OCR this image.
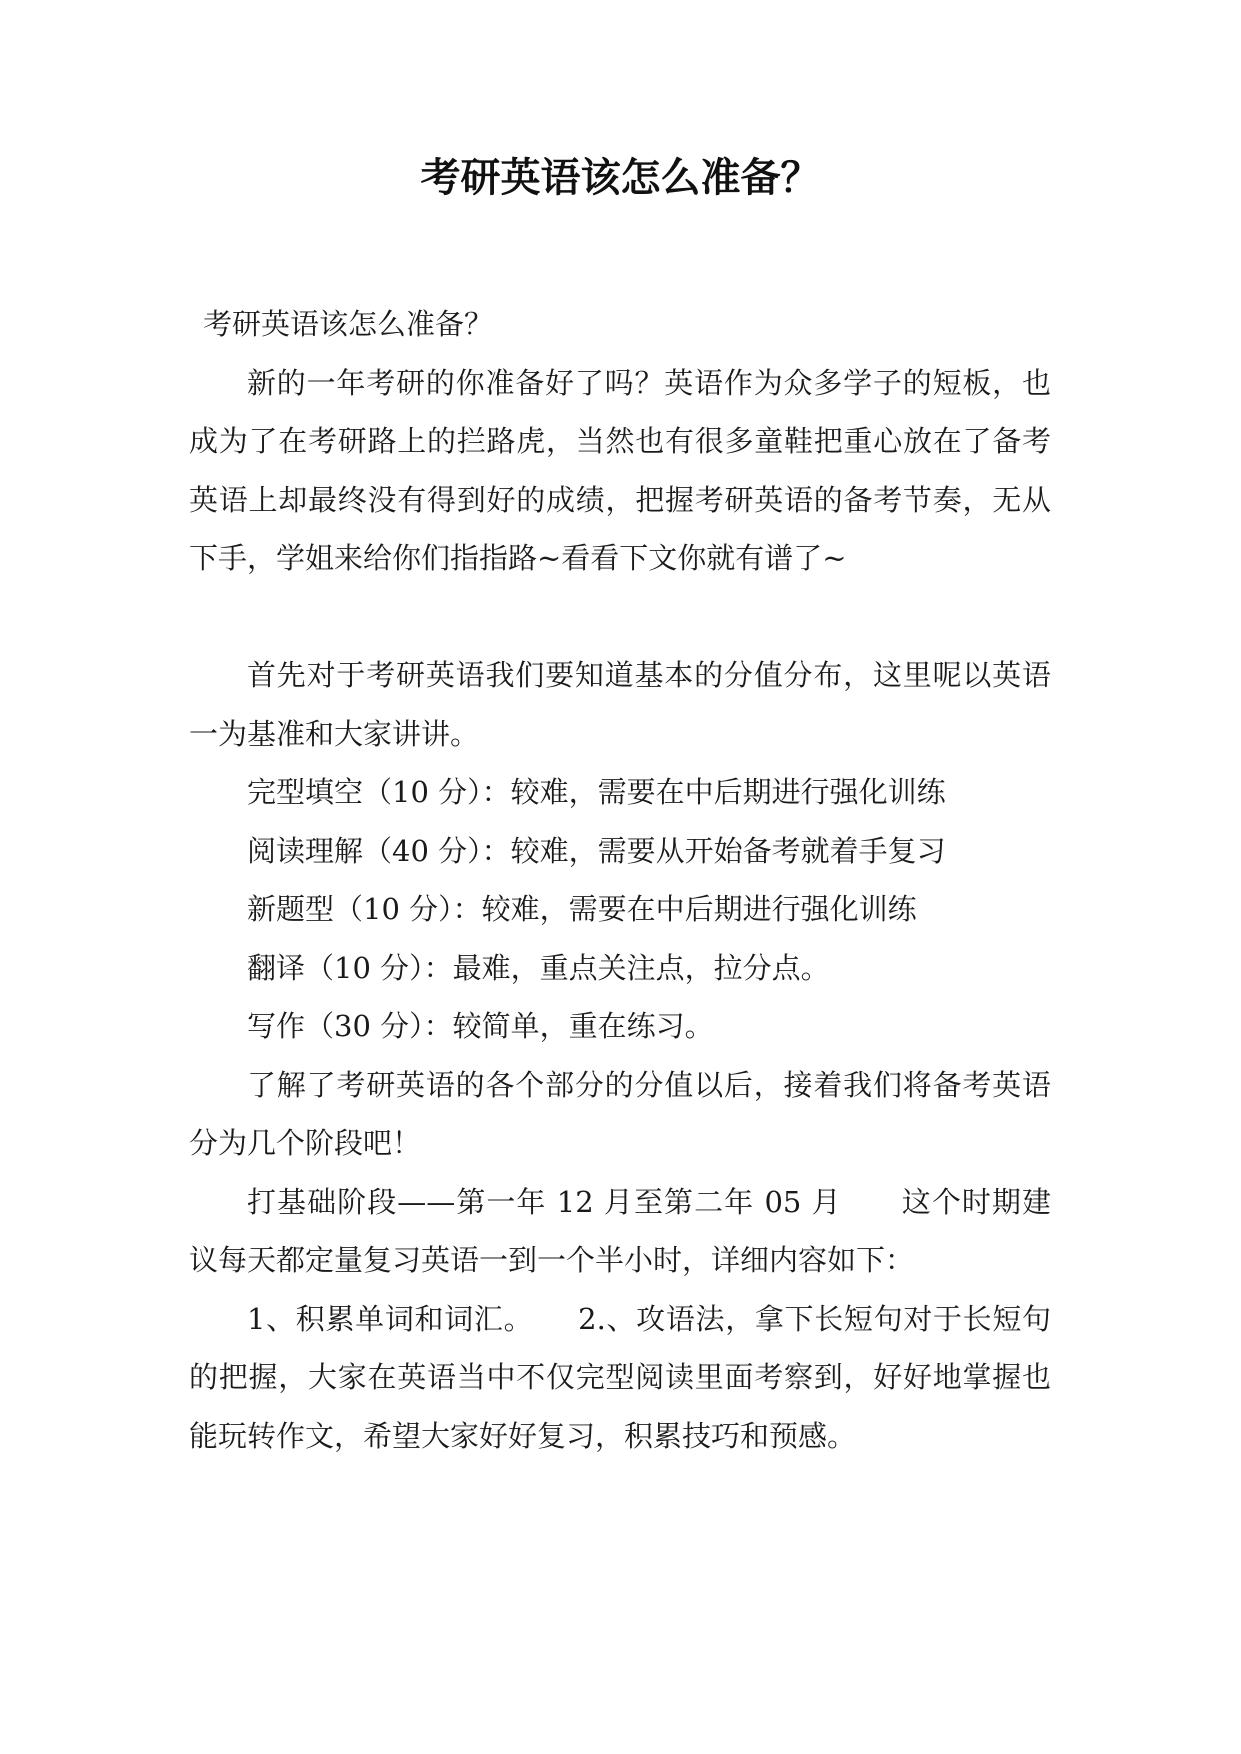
考研英语该怎么准备？

考研英语该怎么准备？

新的一年考研的你准备好了吗？英语作为众多学子的短板，也成为了在考研路上的拦路虎，当然也有很多童鞋把重心放在了备考英语上却最终没有得到好的成绩，把握考研英语的备考节奏，无从下手，学姐来给你们指指路~看看下文你就有谱了~

首先对于考研英语我们要知道基本的分值分布，这里呢以英语一为基准和大家讲讲。

完型填空（10 分）：较难，需要在中后期进行强化训练

阅读理解（40 分）：较难，需要从开始备考就着手复习

新题型（10 分）：较难，需要在中后期进行强化训练

翻译（10 分）：最难，重点关注点，拉分点。

写作（30 分）：较简单，重在练习。

了解了考研英语的各个部分的分值以后，接着我们将备考英语分为几个阶段吧！

打基础阶段——第一年 12 月至第二年 05 月　　这个时期建议每天都定量复习英语一到一个半小时，详细内容如下：

1、积累单词和词汇。　　2.、攻语法，拿下长短句对于长短句的把握，大家在英语当中不仅完型阅读里面考察到，好好地掌握也能玩转作文，希望大家好好复习，积累技巧和预感。
